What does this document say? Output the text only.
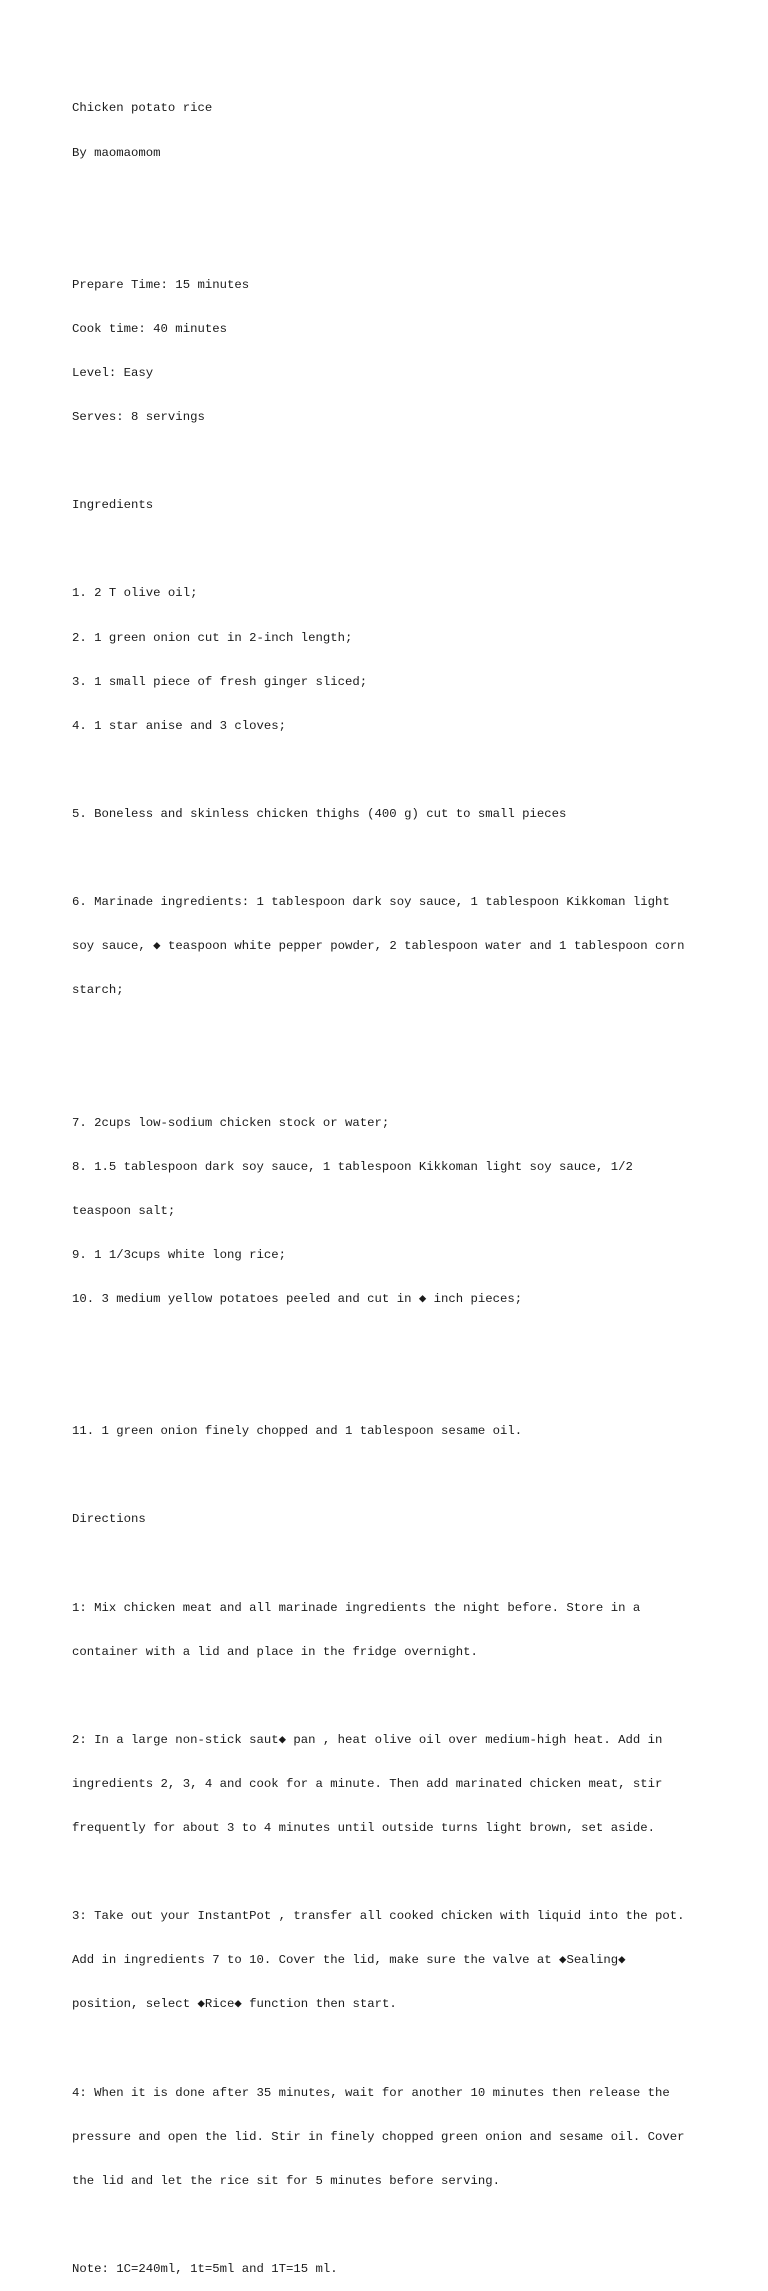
Chicken potato rice

By maomaomom

Prepare Time: 15 minutes

Cook time: 40 minutes

Level: Easy

Serves: 8 servings

Ingredients

1. 2 T olive oil;

2. 1 green onion cut in 2-inch length;

3. 1 small piece of fresh ginger sliced;

4. 1 star anise and 3 cloves;

5. Boneless and skinless chicken thighs (400 g) cut to small pieces

6. Marinade ingredients: 1 tablespoon dark soy sauce, 1 tablespoon Kikkoman light

soy sauce, ◆ teaspoon white pepper powder, 2 tablespoon water and 1 tablespoon corn

starch;

7. 2cups low-sodium chicken stock or water;

8. 1.5 tablespoon dark soy sauce, 1 tablespoon Kikkoman light soy sauce, 1/2

teaspoon salt;

9. 1 1/3cups white long rice;

10. 3 medium yellow potatoes peeled and cut in ◆ inch pieces;

11. 1 green onion finely chopped and 1 tablespoon sesame oil.

Directions

1: Mix chicken meat and all marinade ingredients the night before. Store in a

container with a lid and place in the fridge overnight.

2: In a large non-stick saut◆ pan , heat olive oil over medium-high heat. Add in

ingredients 2, 3, 4 and cook for a minute. Then add marinated chicken meat, stir

frequently for about 3 to 4 minutes until outside turns light brown, set aside.

3: Take out your InstantPot , transfer all cooked chicken with liquid into the pot.

Add in ingredients 7 to 10. Cover the lid, make sure the valve at ◆Sealing◆

position, select ◆Rice◆ function then start.

4: When it is done after 35 minutes, wait for another 10 minutes then release the

pressure and open the lid. Stir in finely chopped green onion and sesame oil. Cover

the lid and let the rice sit for 5 minutes before serving.

Note: 1C=240ml, 1t=5ml and 1T=15 ml.
